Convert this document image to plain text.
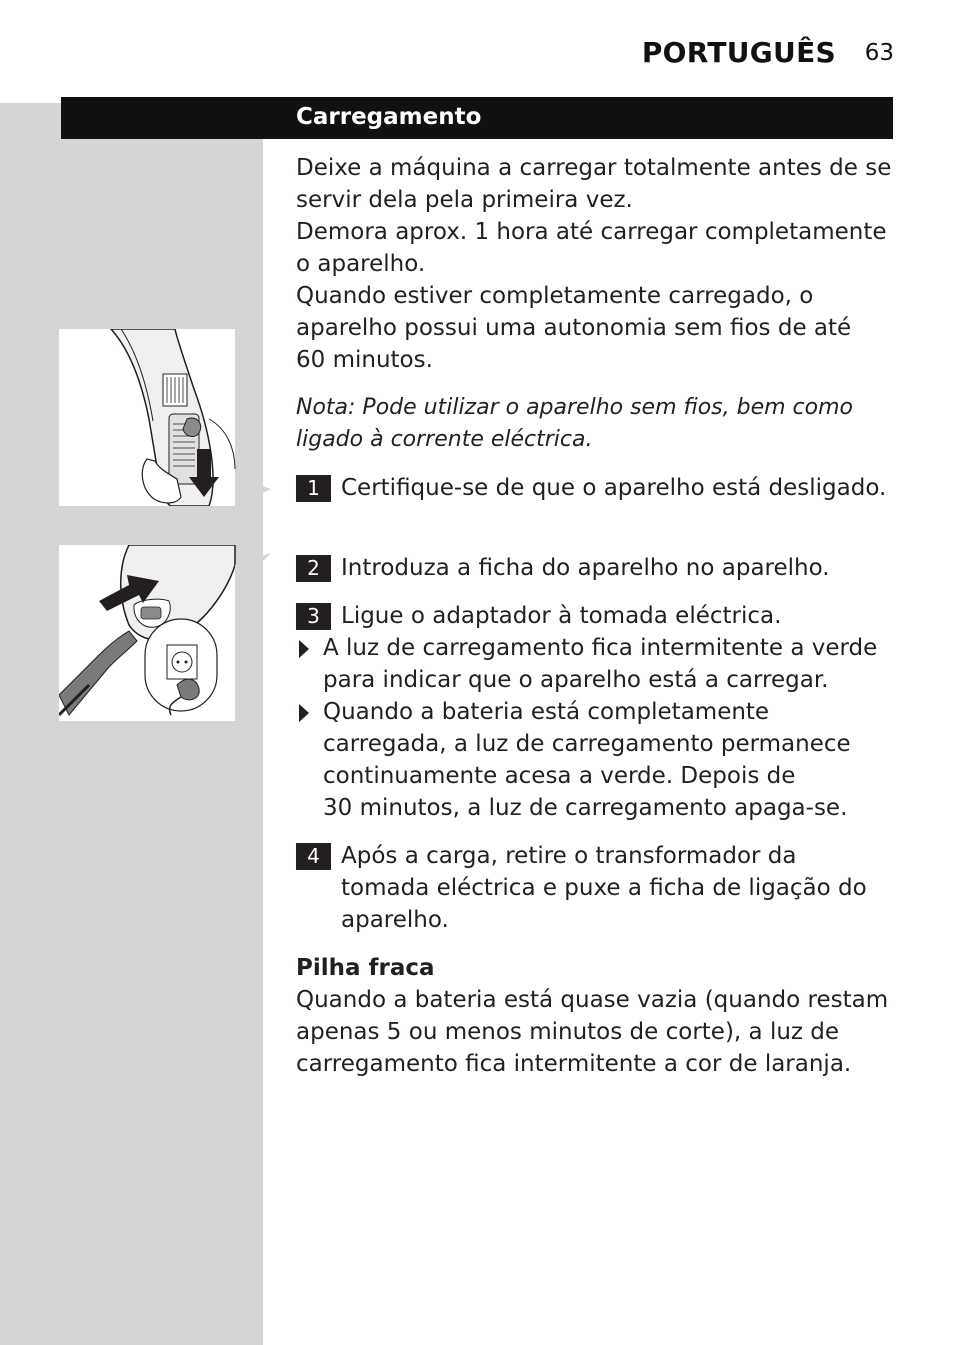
PORTUGUÊS 63
Carregamento

Deixe a máquina a carregar totalmente antes de se

servir dela pela primeira vez.

Demora aprox. 1 hora até carregar completamente

o aparelho.

Quando estiver completamente carregado, o

aparelho possui uma autonomia sem fios de até

60 minutos.

Nota: Pode utilizar o aparelho sem fios, bem como

ligado à corrente eléctrica.

1 Certifique-se de que o aparelho está desligado.

2 Introduza a ficha do aparelho no aparelho.

3 Ligue o adaptador à tomada eléctrica.

A luz de carregamento fica intermitente a verde

para indicar que o aparelho está a carregar.

Quando a bateria está completamente

carregada, a luz de carregamento permanece

continuamente acesa a verde. Depois de

30 minutos, a luz de carregamento apaga-se.

4 Após a carga, retire o transformador da

tomada eléctrica e puxe a ficha de ligação do

aparelho.

Pilha fraca

Quando a bateria está quase vazia (quando restam

apenas 5 ou menos minutos de corte), a luz de

carregamento fica intermitente a cor de laranja.
